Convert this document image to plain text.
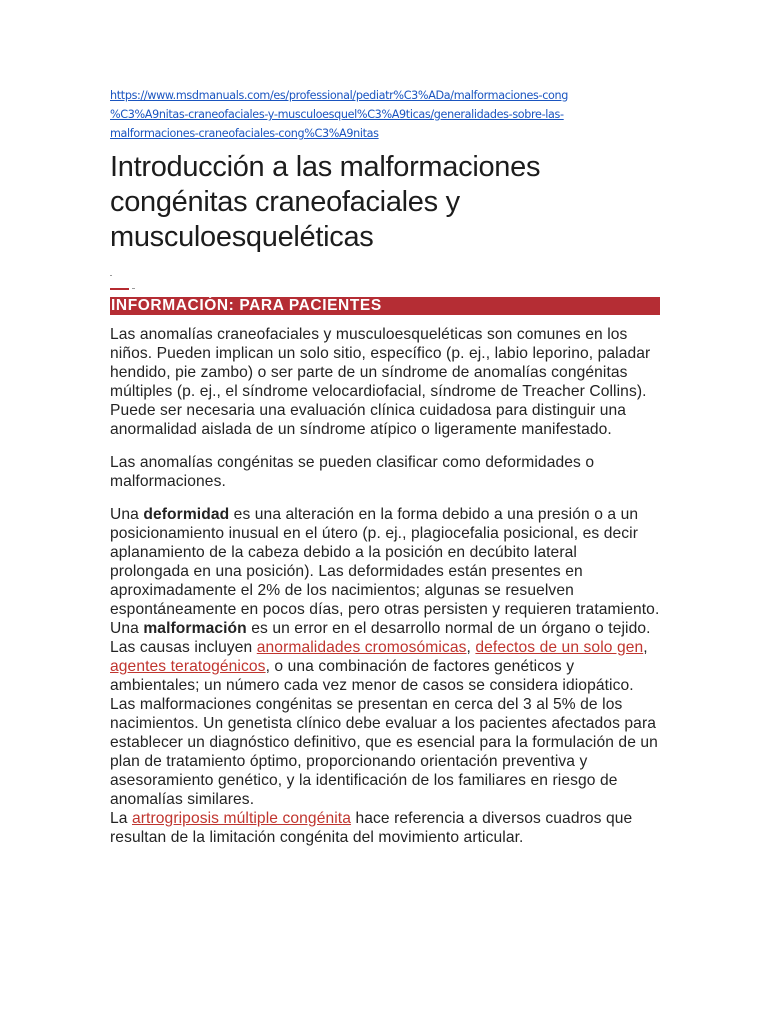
https://www.msdmanuals.com/es/professional/pediatr%C3%ADa/malformaciones-cong
%C3%A9nitas-craneofaciales-y-musculoesquel%C3%A9ticas/generalidades-sobre-las-
malformaciones-craneofaciales-cong%C3%A9nitas
Introducción a las malformaciones congénitas craneofaciales y musculoesqueléticas
INFORMACIÓN: PARA PACIENTES

Las anomalías craneofaciales y musculoesqueléticas son comunes en los niños. Pueden implican un solo sitio, específico (p. ej., labio leporino, paladar hendido, pie zambo) o ser parte de un síndrome de anomalías congénitas múltiples (p. ej., el síndrome velocardiofacial, síndrome de Treacher Collins). Puede ser necesaria una evaluación clínica cuidadosa para distinguir una anormalidad aislada de un síndrome atípico o ligeramente manifestado.

Las anomalías congénitas se pueden clasificar como deformidades o malformaciones.

Una deformidad es una alteración en la forma debido a una presión o a un posicionamiento inusual en el útero (p. ej., plagiocefalia posicional, es decir aplanamiento de la cabeza debido a la posición en decúbito lateral prolongada en una posición). Las deformidades están presentes en aproximadamente el 2% de los nacimientos; algunas se resuelven espontáneamente en pocos días, pero otras persisten y requieren tratamiento.

Una malformación es un error en el desarrollo normal de un órgano o tejido. Las causas incluyen anormalidades cromosómicas, defectos de un solo gen, agentes teratogénicos, o una combinación de factores genéticos y ambientales; un número cada vez menor de casos se considera idiopático. Las malformaciones congénitas se presentan en cerca del 3 al 5% de los nacimientos. Un genetista clínico debe evaluar a los pacientes afectados para establecer un diagnóstico definitivo, que es esencial para la formulación de un plan de tratamiento óptimo, proporcionando orientación preventiva y asesoramiento genético, y la identificación de los familiares en riesgo de anomalías similares.

La artrogriposis múltiple congénita hace referencia a diversos cuadros que resultan de la limitación congénita del movimiento articular.
